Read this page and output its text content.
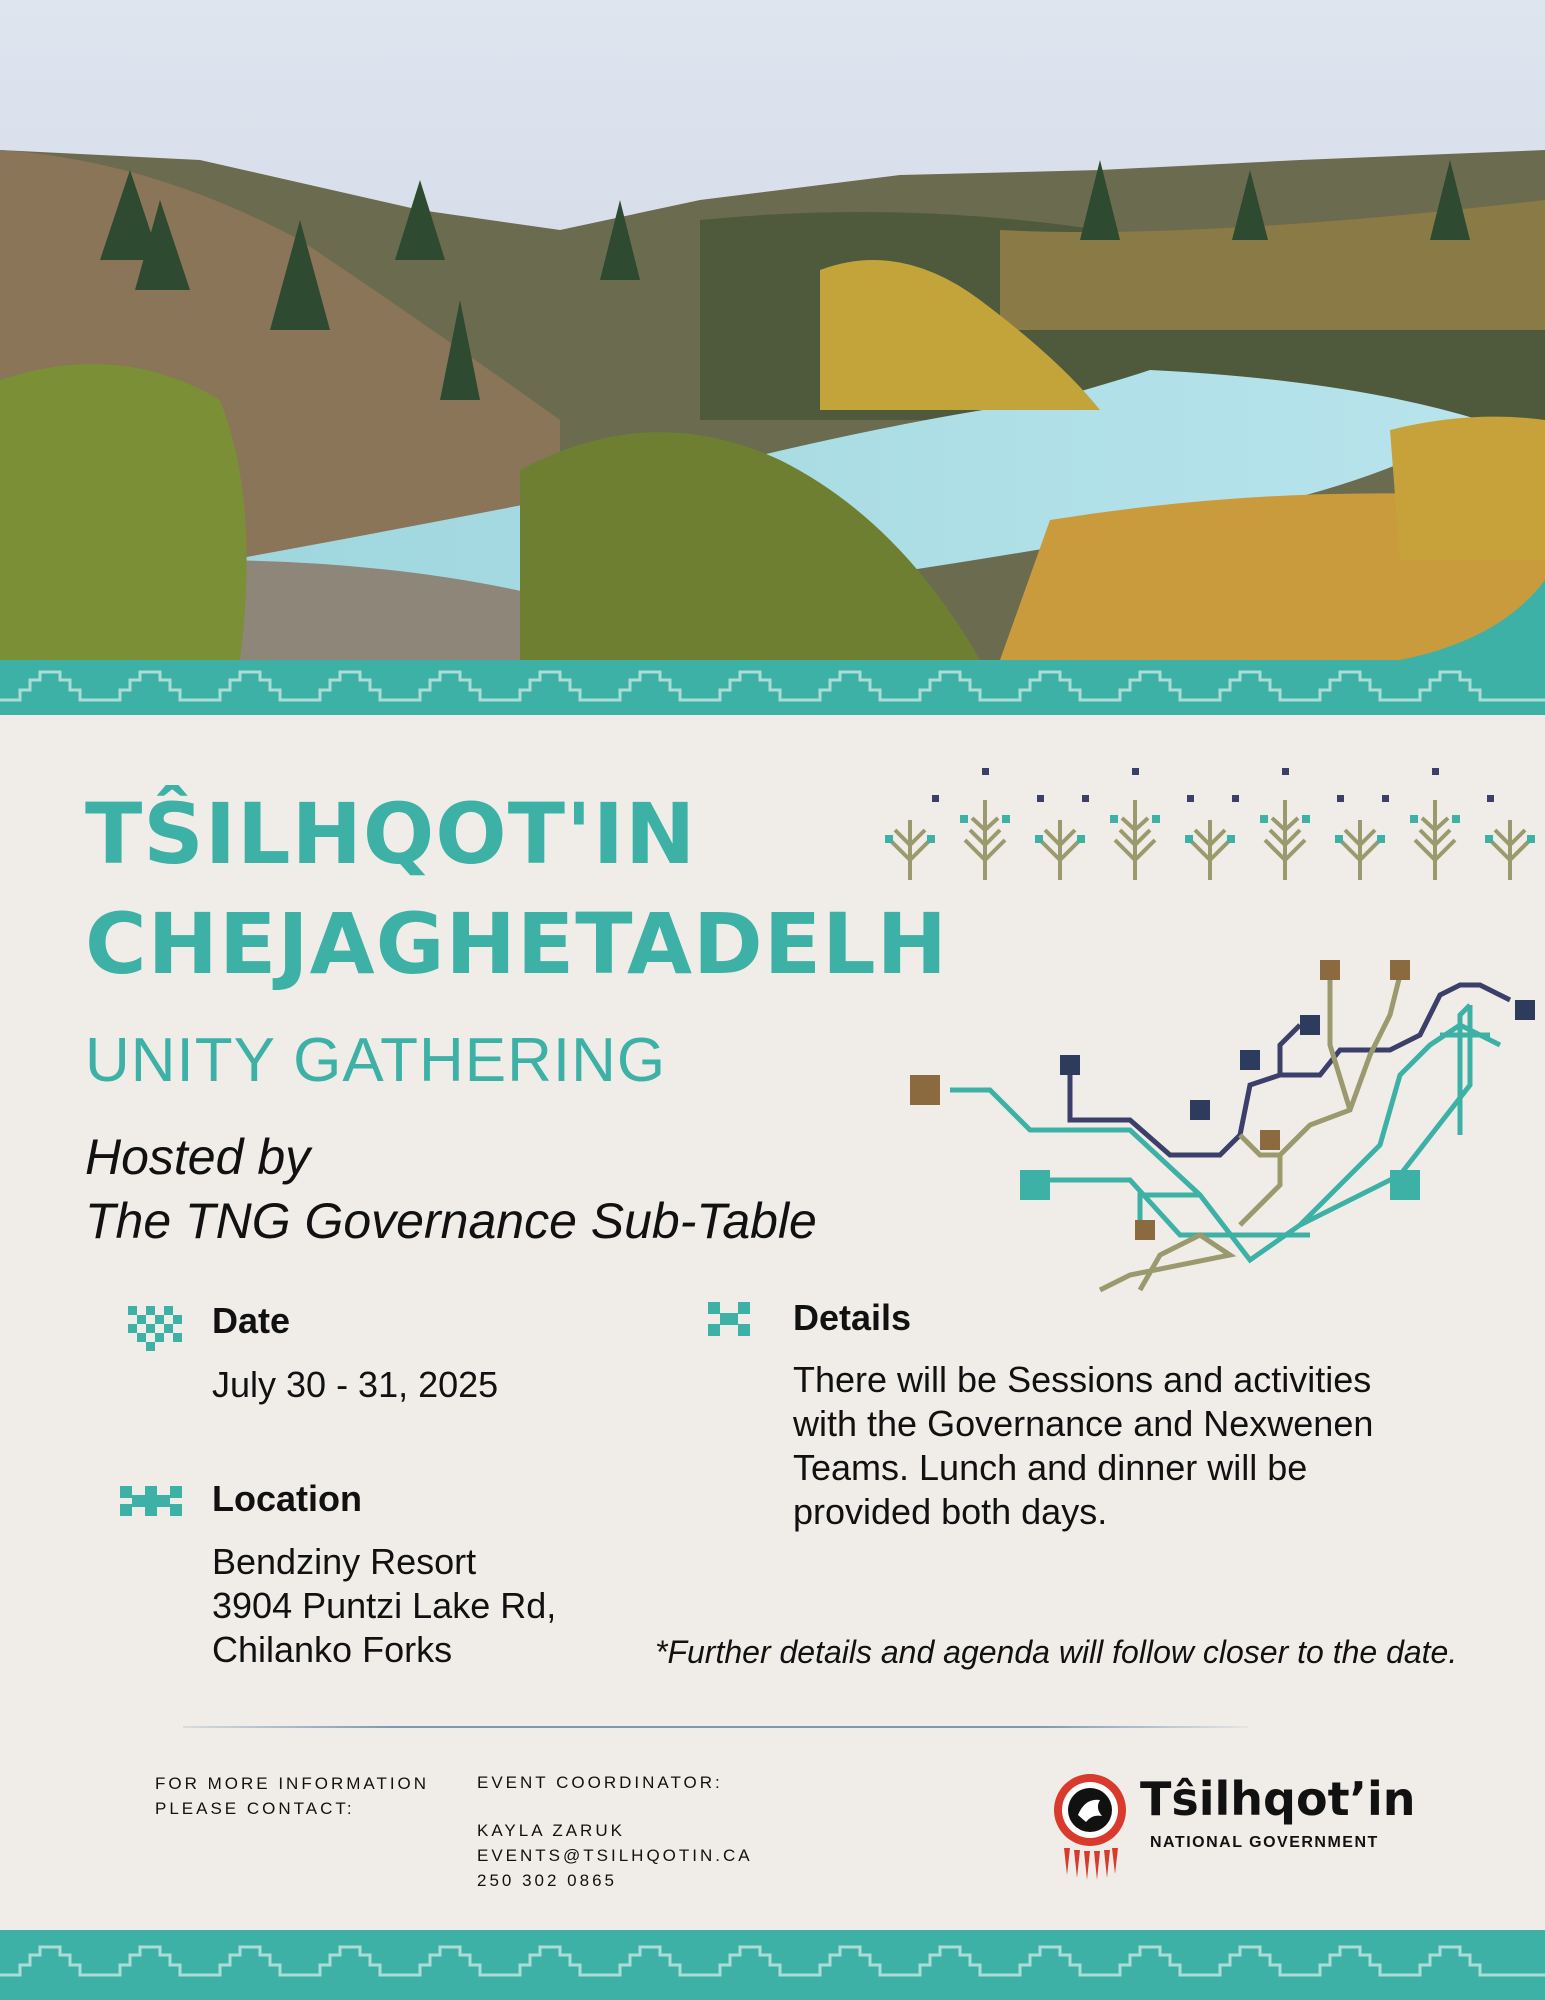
TŜILHQOT'IN
CHEJAGHETADELH
UNITY GATHERING
Hosted by
The TNG Governance Sub-Table
Date
July 30 - 31, 2025
Location
Bendziny Resort
3904 Puntzi Lake Rd,
Chilanko Forks
Details
There will be Sessions and activities
with the Governance and Nexwenen
Teams. Lunch and dinner will be
provided both days.
*Further details and agenda will follow closer to the date.
FOR MORE INFORMATION
PLEASE CONTACT:
EVENT COORDINATOR:
KAYLA ZARUK
EVENTS@TSILHQOTIN.CA
250 302 0865
Tŝilhqot’in
NATIONAL GOVERNMENT
